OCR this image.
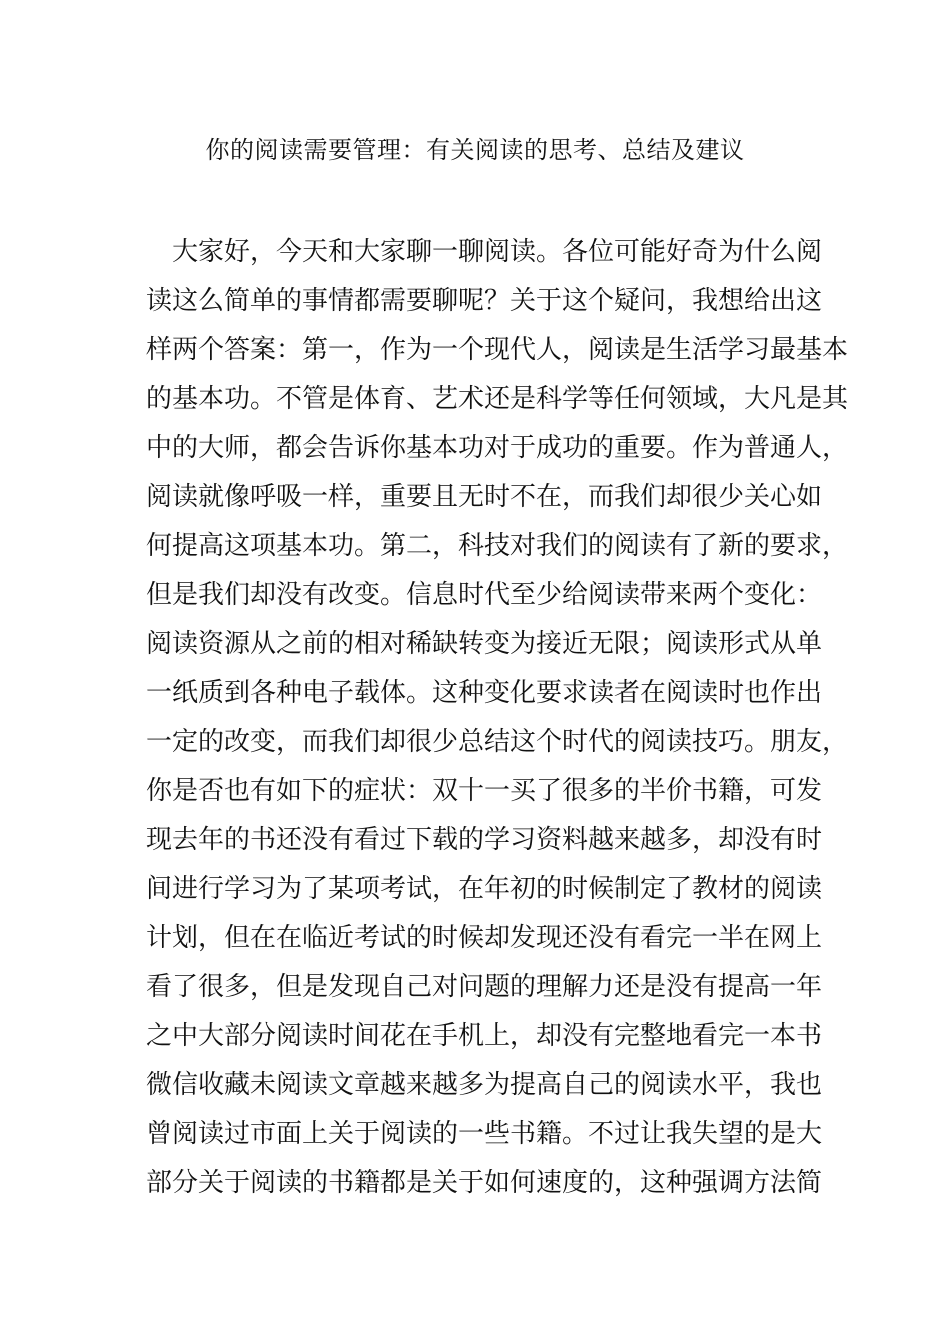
你的阅读需要管理：有关阅读的思考、总结及建议
　大家好，今天和大家聊一聊阅读。各位可能好奇为什么阅
读这么简单的事情都需要聊呢？关于这个疑问，我想给出这
样两个答案：第一，作为一个现代人，阅读是生活学习最基本
的基本功。不管是体育、艺术还是科学等任何领域，大凡是其
中的大师，都会告诉你基本功对于成功的重要。作为普通人，
阅读就像呼吸一样，重要且无时不在，而我们却很少关心如
何提高这项基本功。第二，科技对我们的阅读有了新的要求，
但是我们却没有改变。信息时代至少给阅读带来两个变化：
阅读资源从之前的相对稀缺转变为接近无限；阅读形式从单
一纸质到各种电子载体。这种变化要求读者在阅读时也作出
一定的改变，而我们却很少总结这个时代的阅读技巧。朋友，
你是否也有如下的症状：双十一买了很多的半价书籍，可发
现去年的书还没有看过下载的学习资料越来越多，却没有时
间进行学习为了某项考试，在年初的时候制定了教材的阅读
计划，但在在临近考试的时候却发现还没有看完一半在网上
看了很多，但是发现自己对问题的理解力还是没有提高一年
之中大部分阅读时间花在手机上，却没有完整地看完一本书
微信收藏未阅读文章越来越多为提高自己的阅读水平，我也
曾阅读过市面上关于阅读的一些书籍。不过让我失望的是大
部分关于阅读的书籍都是关于如何速度的，这种强调方法简
